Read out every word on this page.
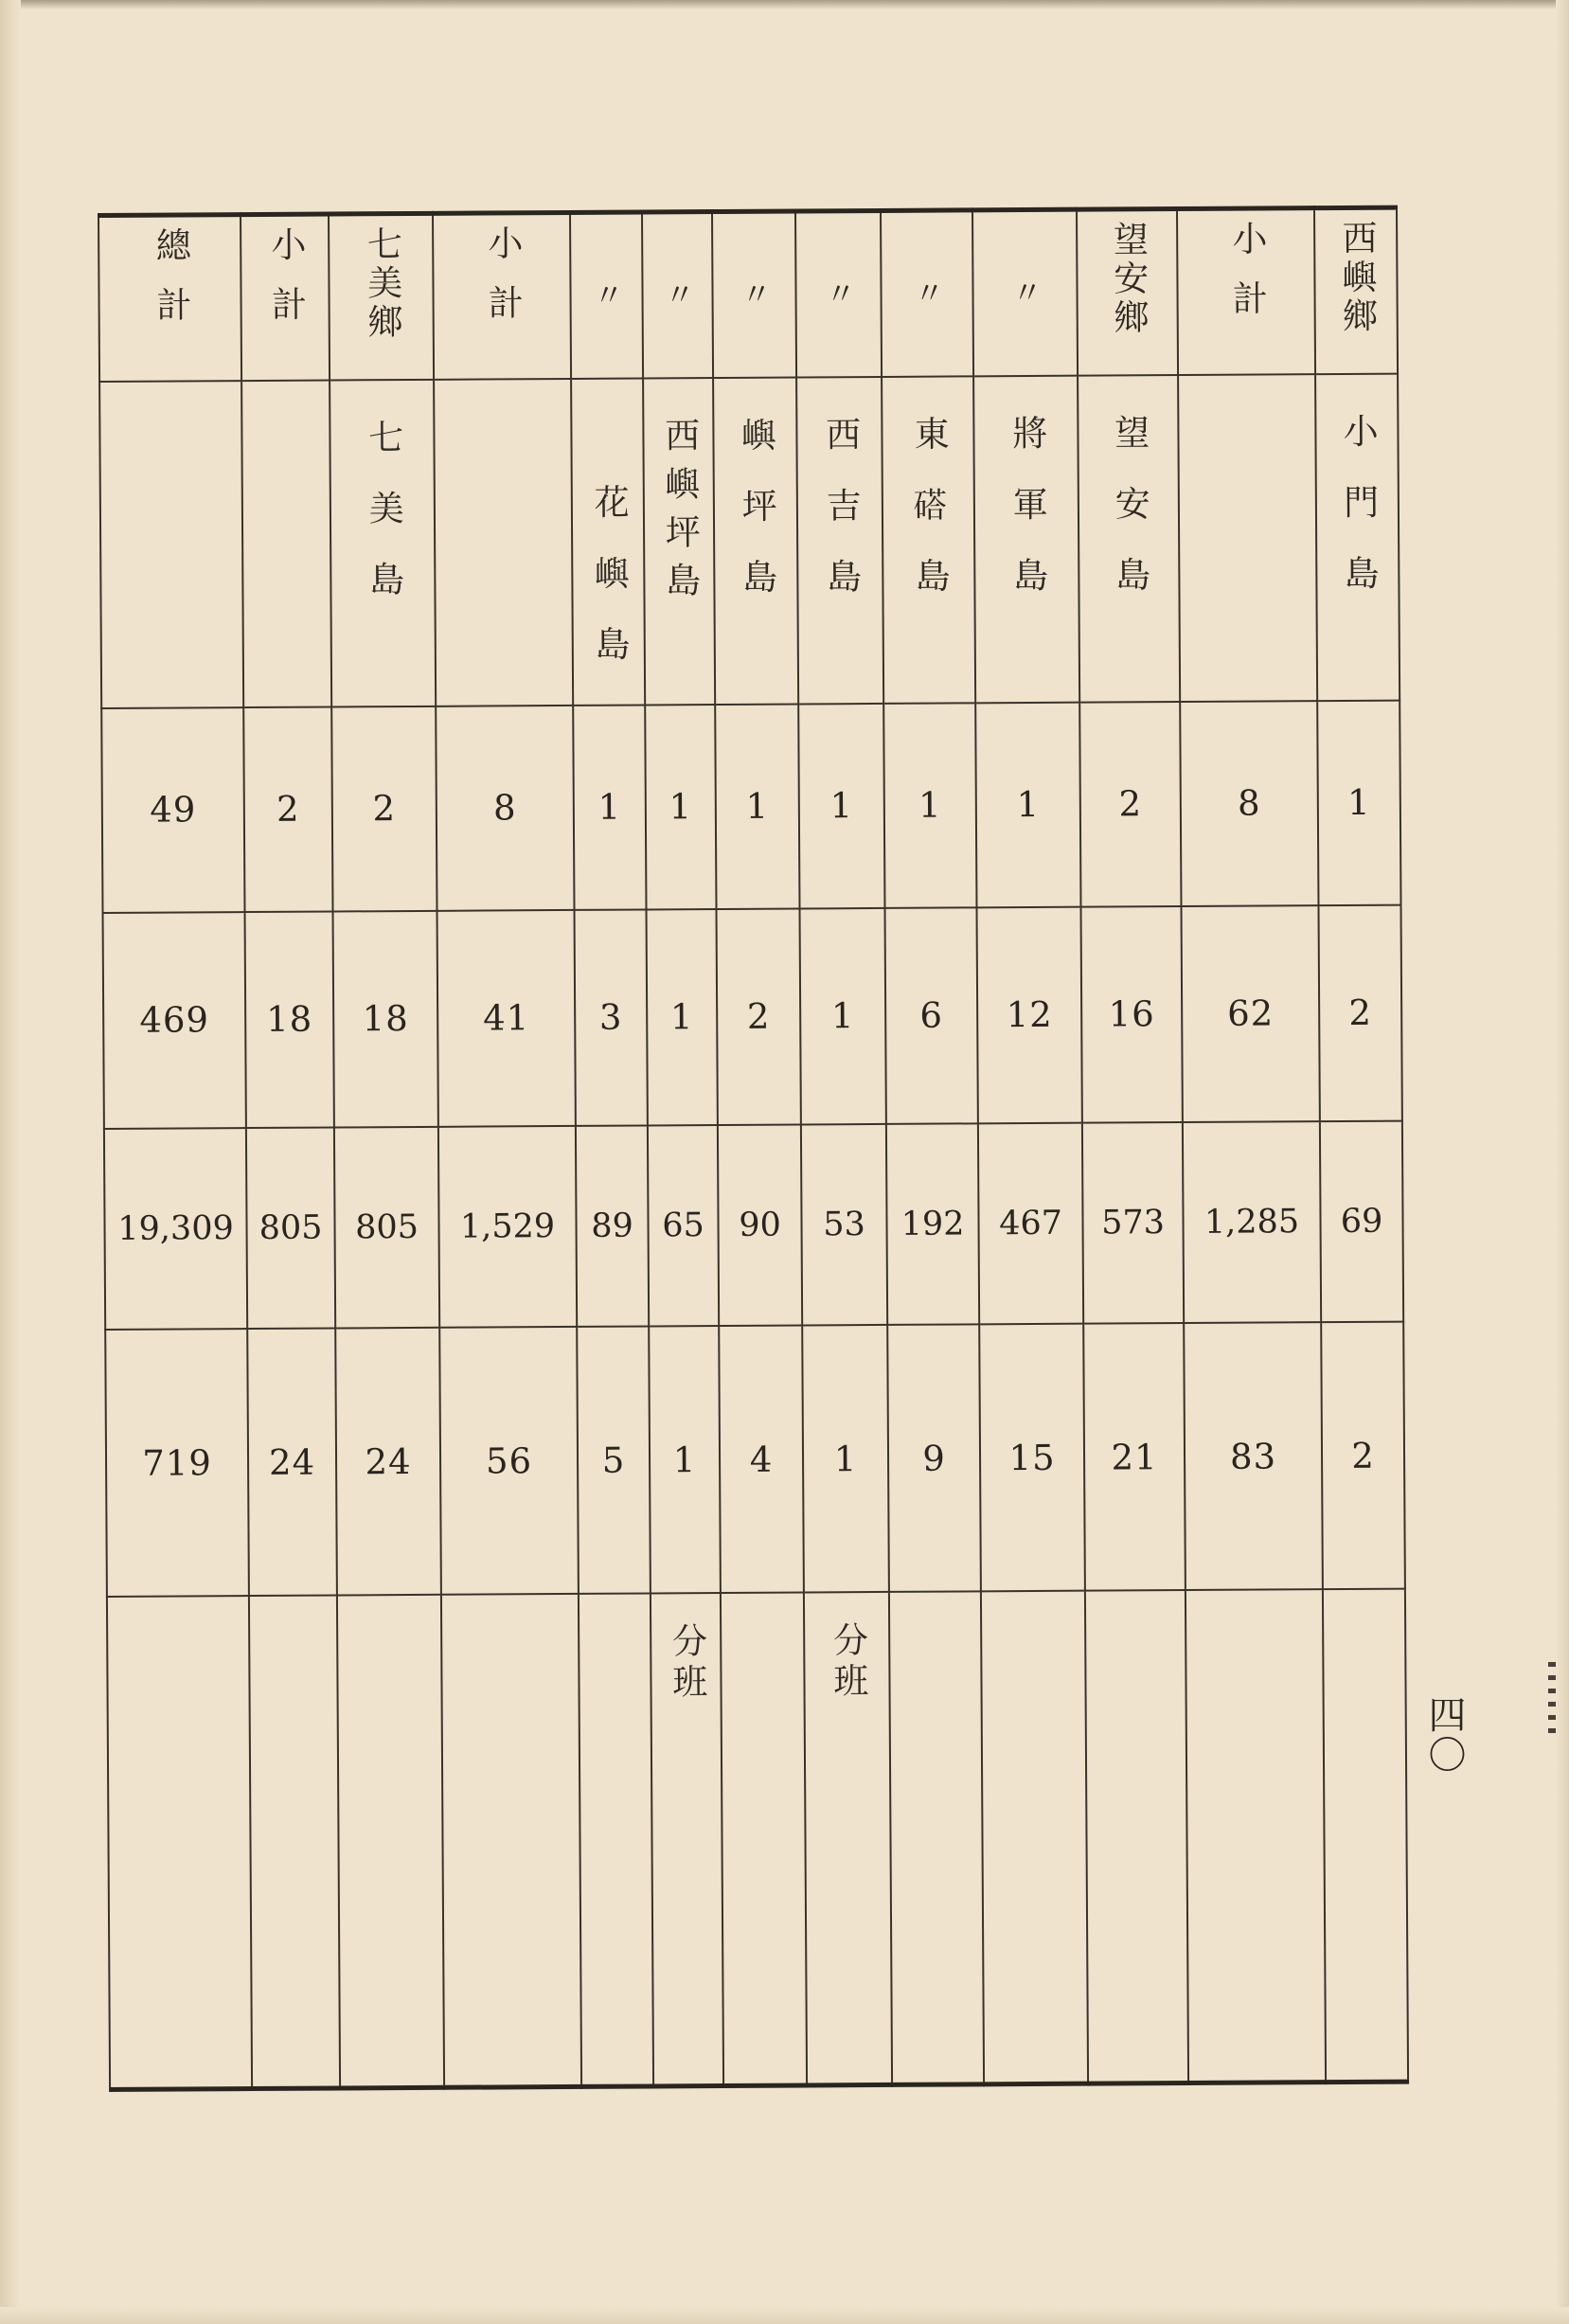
總計	小計	七美鄉	小計	〃	〃	〃	〃	〃	〃	望安鄉	小計	西嶼鄉
		七美島		花嶼島	西嶼坪島	嶼坪島	西吉島	東𥔽島	將軍島	望安島		小門島
49	2	2	8	1	1	1	1	1	1	2	8	1
469	18	18	41	3	1	2	1	6	12	16	62	2
19,309	805	805	1,529	89	65	90	53	192	467	573	1,285	69
719	24	24	56	5	1	4	1	9	15	21	83	2
					分班		分班					
四〇
